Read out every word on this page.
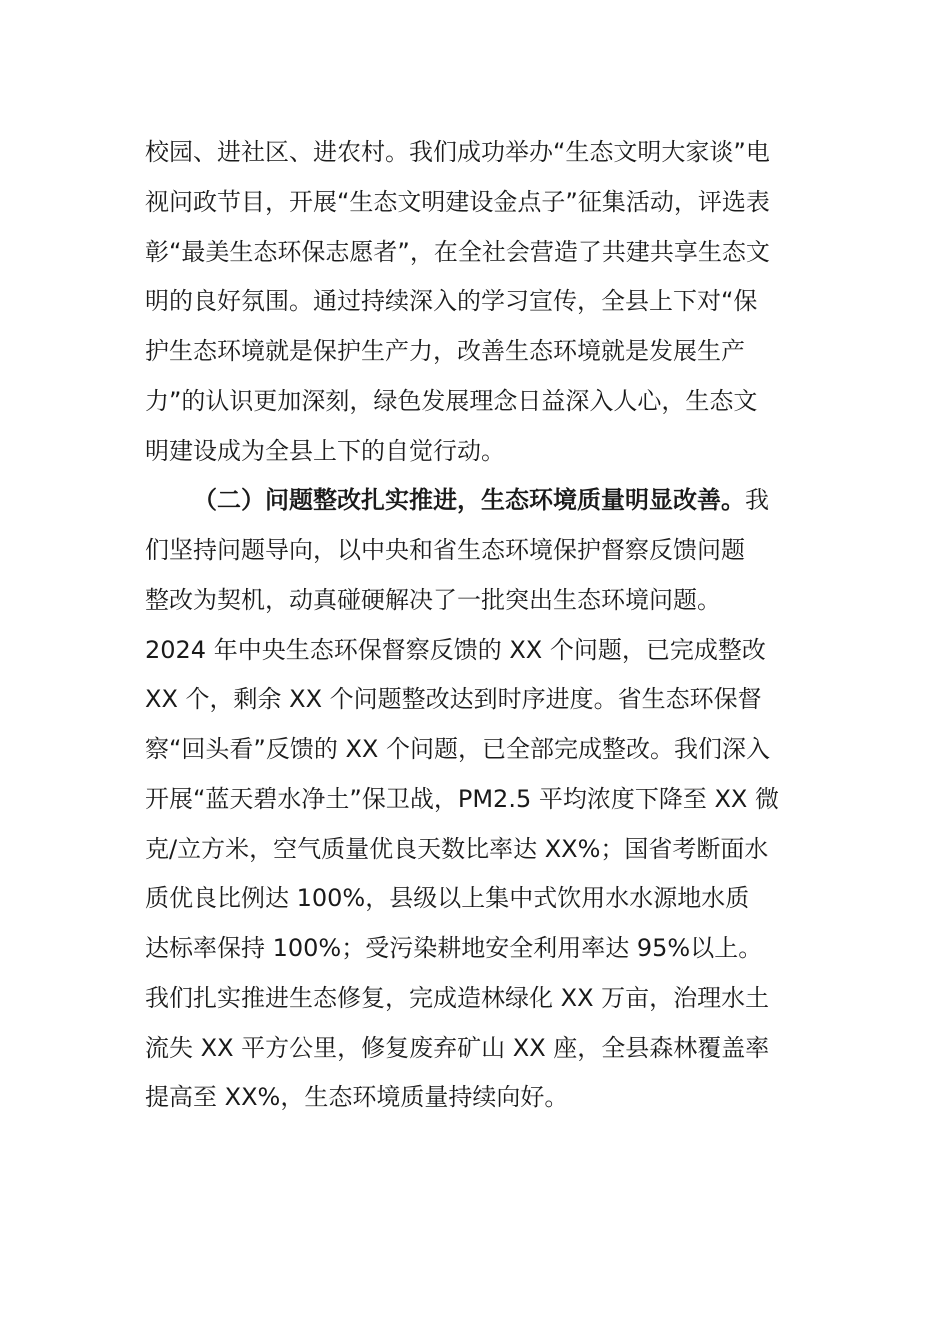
校园、进社区、进农村。我们成功举办“生态文明大家谈”电
视问政节目，开展“生态文明建设金点子”征集活动，评选表
彰“最美生态环保志愿者”，在全社会营造了共建共享生态文
明的良好氛围。通过持续深入的学习宣传，全县上下对“保
护生态环境就是保护生产力，改善生态环境就是发展生产
力”的认识更加深刻，绿色发展理念日益深入人心，生态文
明建设成为全县上下的自觉行动。
（二）问题整改扎实推进，生态环境质量明显改善。我
们坚持问题导向，以中央和省生态环境保护督察反馈问题
整改为契机，动真碰硬解决了一批突出生态环境问题。
2024 年中央生态环保督察反馈的 XX 个问题，已完成整改
XX 个，剩余 XX 个问题整改达到时序进度。省生态环保督
察“回头看”反馈的 XX 个问题，已全部完成整改。我们深入
开展“蓝天碧水净土”保卫战，PM2.5 平均浓度下降至 XX 微
克/立方米，空气质量优良天数比率达 XX%；国省考断面水
质优良比例达 100%，县级以上集中式饮用水水源地水质
达标率保持 100%；受污染耕地安全利用率达 95%以上。
我们扎实推进生态修复，完成造林绿化 XX 万亩，治理水土
流失 XX 平方公里，修复废弃矿山 XX 座，全县森林覆盖率
提高至 XX%，生态环境质量持续向好。
